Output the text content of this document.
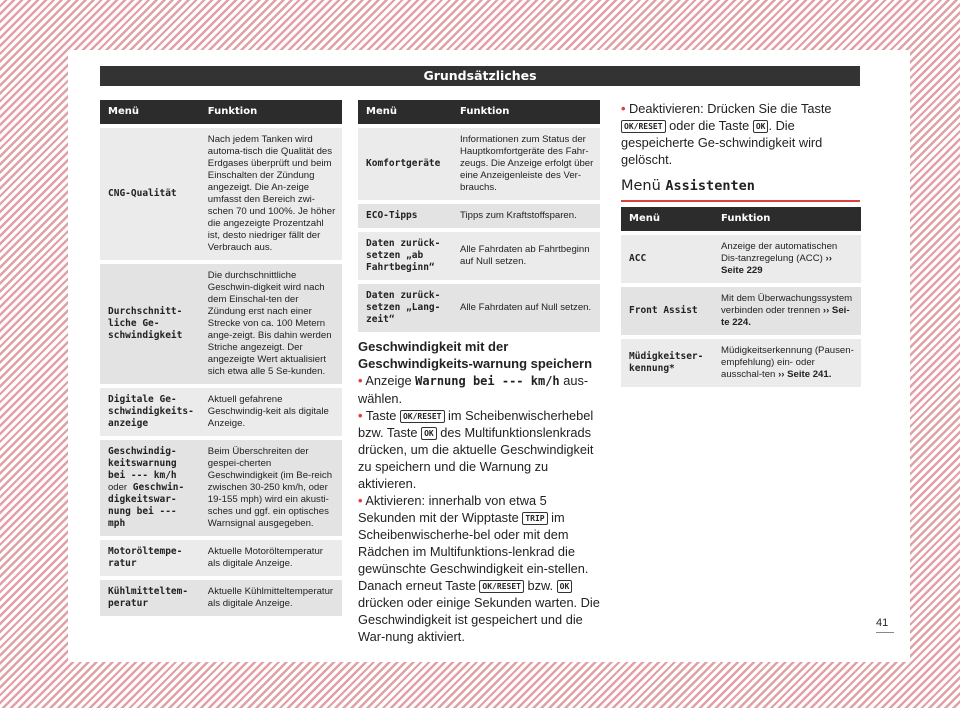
Grundsätzliches
Menü	Funktion
CNG-Qualität	Nach jedem Tanken wird automa-tisch die Qualität des Erdgases überprüft und beim Einschalten der Zündung angezeigt. Die An-zeige umfasst den Bereich zwi-schen 70 und 100%. Je höher die angezeigte Prozentzahl ist, desto niedriger fällt der Verbrauch aus.
Durchschnitt-liche Ge-schwindigkeit	Die durchschnittliche Geschwin-digkeit wird nach dem Einschal-ten der Zündung erst nach einer Strecke von ca. 100 Metern ange-zeigt. Bis dahin werden Striche angezeigt. Der angezeigte Wert aktualisiert sich etwa alle 5 Se-kunden.
Digitale Ge-schwindigkeits-anzeige	Aktuell gefahrene Geschwindig-keit als digitale Anzeige.
Geschwindig-keitswarnung bei --- km/h oder Geschwin-digkeitswar-nung bei --- mph	Beim Überschreiten der gespei-cherten Geschwindigkeit (im Be-reich zwischen 30-250 km/h, oder 19-155 mph) wird ein akusti-sches und ggf. ein optisches Warnsignal ausgegeben.
Motoröltempe-ratur	Aktuelle Motoröltemperatur als digitale Anzeige.
Kühlmitteltem-peratur	Aktuelle Kühlmitteltemperatur als digitale Anzeige.
Menü	Funktion
Komfortgeräte	Informationen zum Status der Hauptkomfortgeräte des Fahr-zeugs. Die Anzeige erfolgt über eine Anzeigenleiste des Ver-brauchs.
ECO-Tipps	Tipps zum Kraftstoffsparen.
Daten zurück-setzen „ab Fahrtbeginn“	Alle Fahrdaten ab Fahrtbeginn auf Null setzen.
Daten zurück-setzen „Lang-zeit“	Alle Fahrdaten auf Null setzen.
Geschwindigkeit mit der Geschwindigkeits-warnung speichern
• Anzeige Warnung bei --- km/h aus-wählen.
• Taste OK/RESET im Scheibenwischerhebel bzw. Taste OK des Multifunktionslenkrads drücken, um die aktuelle Geschwindigkeit zu speichern und die Warnung zu aktivieren.
• Aktivieren: innerhalb von etwa 5 Sekunden mit der Wipptaste TRIP im Scheibenwischerhe-bel oder mit dem Rädchen im Multifunktions-lenkrad die gewünschte Geschwindigkeit ein-stellen. Danach erneut Taste OK/RESET bzw. OK drücken oder einige Sekunden warten. Die Geschwindigkeit ist gespeichert und die War-nung aktiviert.
• Deaktivieren: Drücken Sie die Taste OK/RESET oder die Taste OK . Die gespeicherte Ge-schwindigkeit wird gelöscht.
Menü Assistenten
Menü	Funktion
ACC	Anzeige der automatischen Dis-tanzregelung (ACC) ›› Seite 229
Front Assist	Mit dem Überwachungssystem verbinden oder trennen ›› Sei-te 224.
Müdigkeitser-kennung*	Müdigkeitserkennung (Pausen-empfehlung) ein- oder ausschal-ten ›› Seite 241.
41
